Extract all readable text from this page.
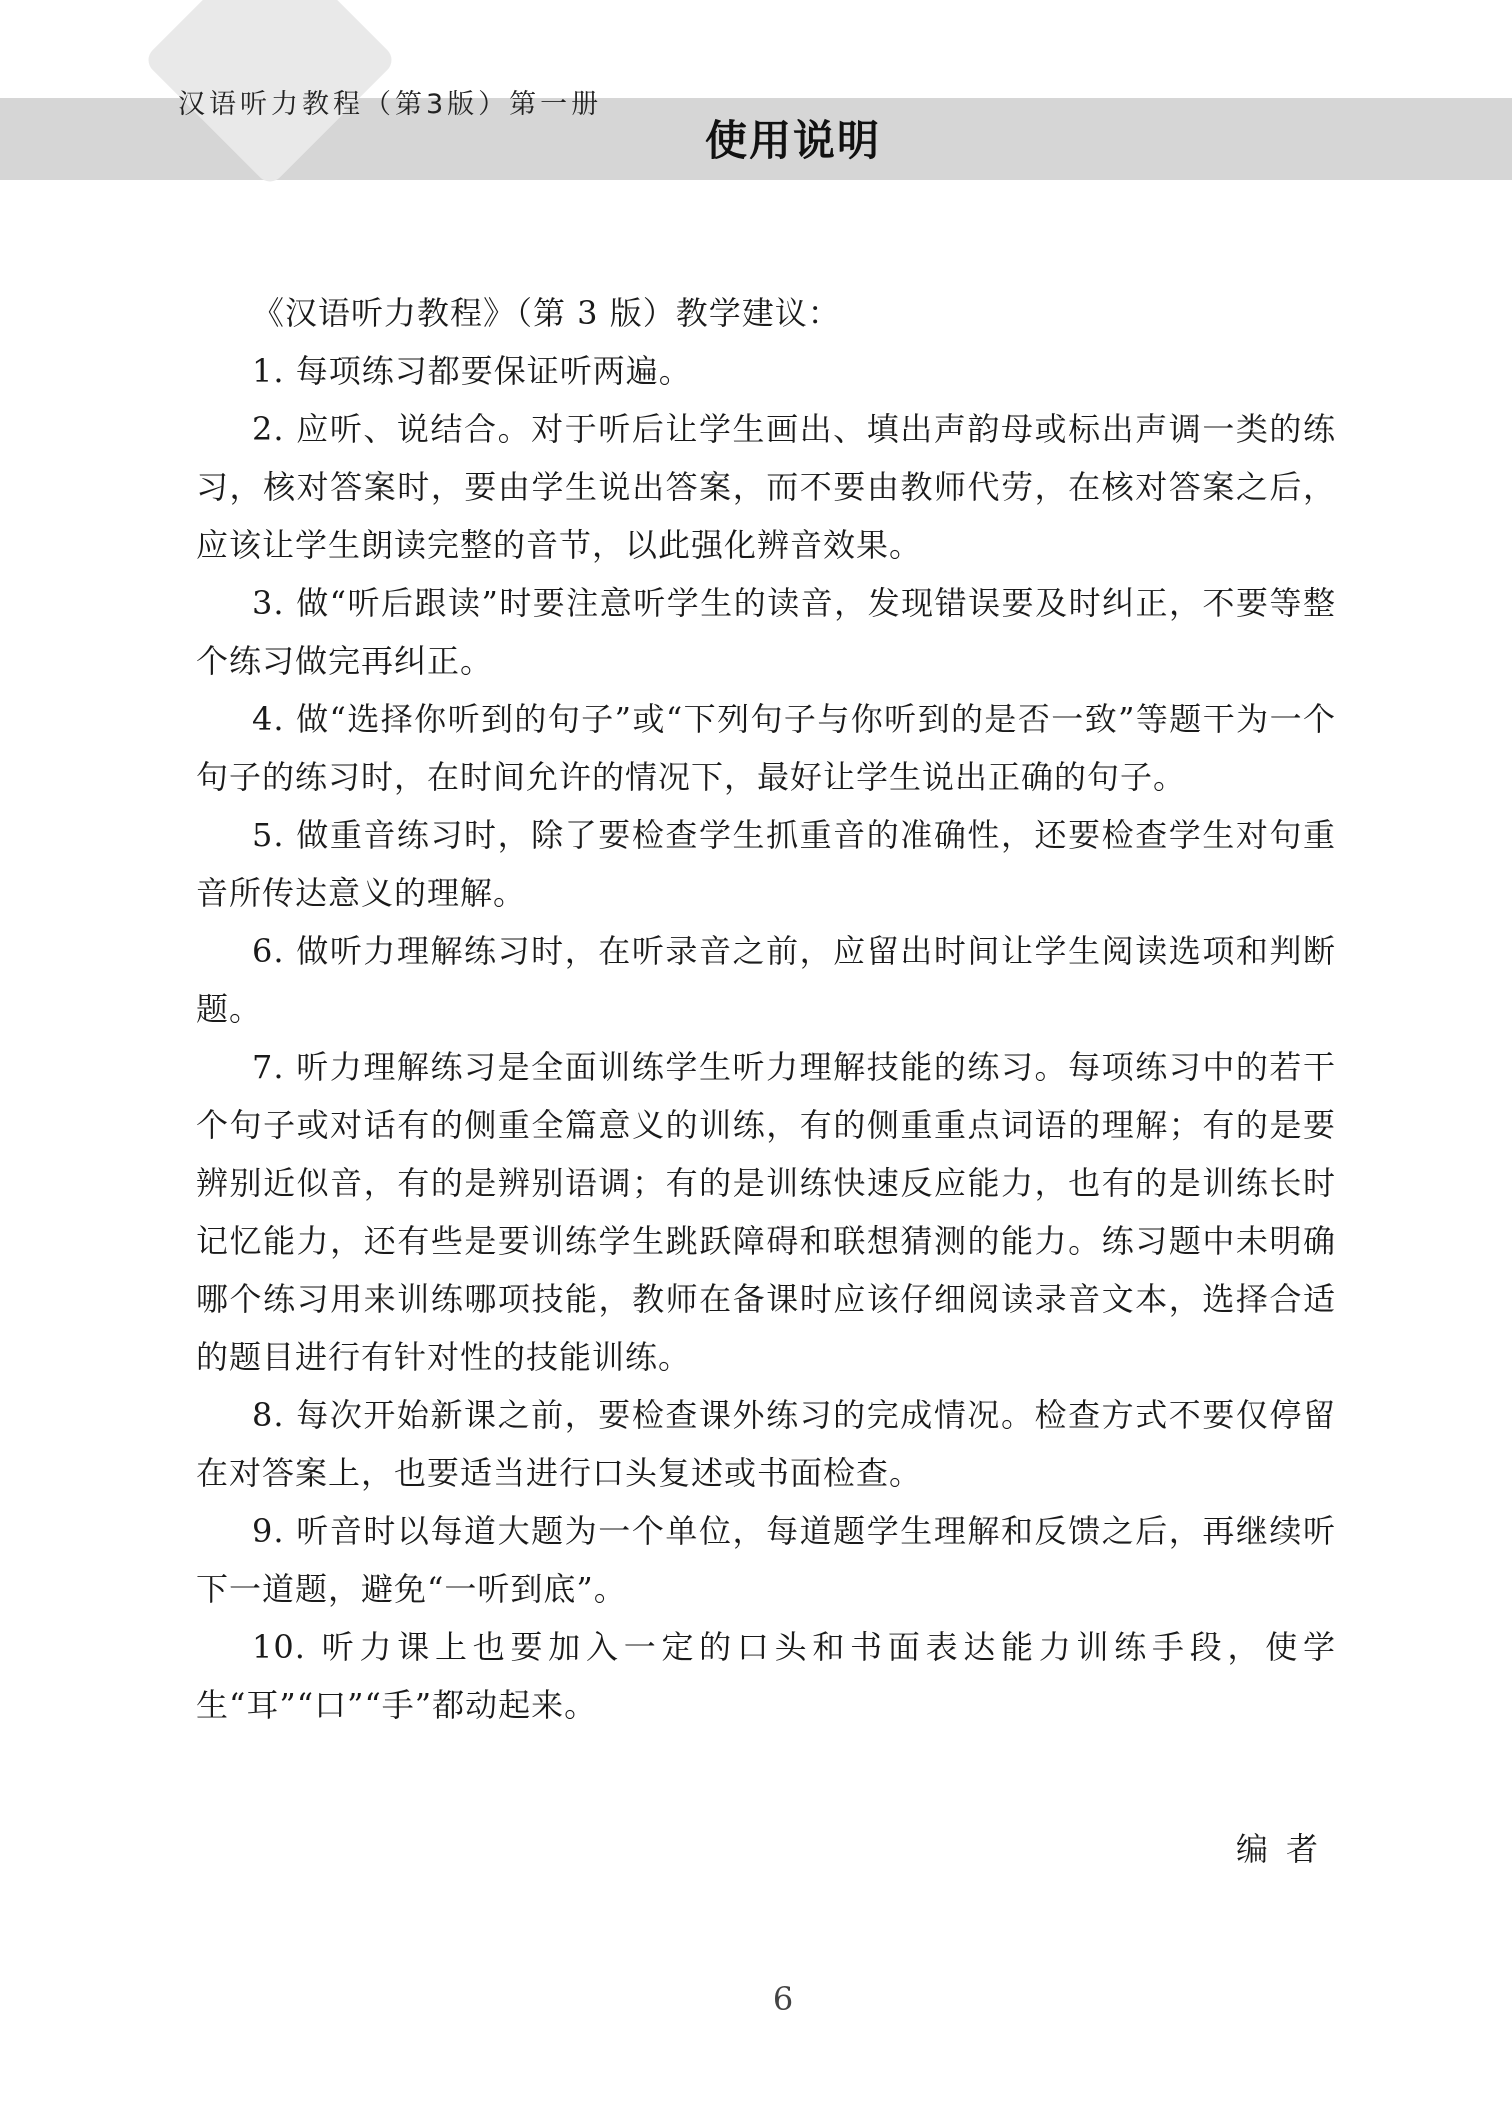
汉语听力教程（第3版）第一册
使用说明

《汉语听力教程》（第 3 版）教学建议：

1. 每项练习都要保证听两遍。

2. 应听、说结合。对于听后让学生画出、填出声韵母或标出声调一类的练习，核对答案时，要由学生说出答案，而不要由教师代劳，在核对答案之后，应该让学生朗读完整的音节，以此强化辨音效果。

3. 做“听后跟读”时要注意听学生的读音，发现错误要及时纠正，不要等整个练习做完再纠正。

4. 做“选择你听到的句子”或“下列句子与你听到的是否一致”等题干为一个句子的练习时，在时间允许的情况下，最好让学生说出正确的句子。

5. 做重音练习时，除了要检查学生抓重音的准确性，还要检查学生对句重音所传达意义的理解。

6. 做听力理解练习时，在听录音之前，应留出时间让学生阅读选项和判断题。

7. 听力理解练习是全面训练学生听力理解技能的练习。每项练习中的若干个句子或对话有的侧重全篇意义的训练，有的侧重重点词语的理解；有的是要辨别近似音，有的是辨别语调；有的是训练快速反应能力，也有的是训练长时记忆能力，还有些是要训练学生跳跃障碍和联想猜测的能力。练习题中未明确哪个练习用来训练哪项技能，教师在备课时应该仔细阅读录音文本，选择合适的题目进行有针对性的技能训练。

8. 每次开始新课之前，要检查课外练习的完成情况。检查方式不要仅停留在对答案上，也要适当进行口头复述或书面检查。

9. 听音时以每道大题为一个单位，每道题学生理解和反馈之后，再继续听下一道题，避免“一听到底”。

10. 听力课上也要加入一定的口头和书面表达能力训练手段，使学生“耳”“口”“手”都动起来。

编者
6
